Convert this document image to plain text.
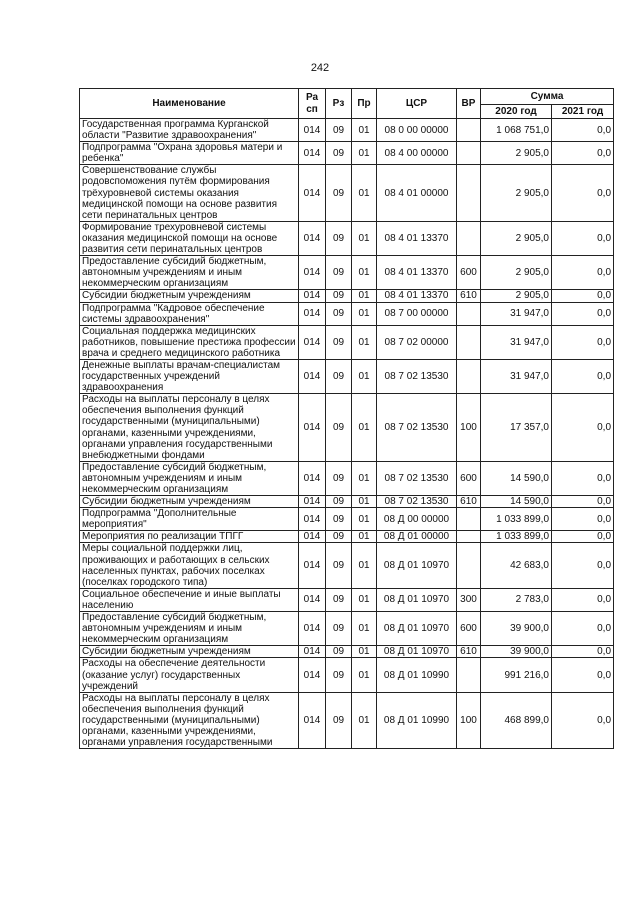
242
Наименование	Ра сп	Рз	Пр	ЦСР	ВР	Сумма	
						2020 год	2021 год
Государственная программа Курганской области "Развитие здравоохранения"	014	09	01	08 0 00 00000		1 068 751,0	0,0
Подпрограмма "Охрана здоровья матери и ребенка"	014	09	01	08 4 00 00000		2 905,0	0,0
Совершенствование службы родовспоможения путём формирования трёхуровневой системы оказания медицинской помощи на основе развития сети перинатальных центров	014	09	01	08 4 01 00000		2 905,0	0,0
Формирование трехуровневой системы оказания медицинской помощи на основе развития сети перинатальных центров	014	09	01	08 4 01 13370		2 905,0	0,0
Предоставление субсидий бюджетным, автономным учреждениям и иным некоммерческим организациям	014	09	01	08 4 01 13370	600	2 905,0	0,0
Субсидии бюджетным учреждениям	014	09	01	08 4 01 13370	610	2 905,0	0,0
Подпрограмма "Кадровое обеспечение системы здравоохранения"	014	09	01	08 7 00 00000		31 947,0	0,0
Социальная поддержка медицинских работников, повышение престижа профессии врача и среднего медицинского работника	014	09	01	08 7 02 00000		31 947,0	0,0
Денежные выплаты врачам-специалистам государственных учреждений здравоохранения	014	09	01	08 7 02 13530		31 947,0	0,0
Расходы на выплаты персоналу в целях обеспечения выполнения функций государственными (муниципальными) органами, казенными учреждениями, органами управления государственными внебюджетными фондами	014	09	01	08 7 02 13530	100	17 357,0	0,0
Предоставление субсидий бюджетным, автономным учреждениям и иным некоммерческим организациям	014	09	01	08 7 02 13530	600	14 590,0	0,0
Субсидии бюджетным учреждениям	014	09	01	08 7 02 13530	610	14 590,0	0,0
Подпрограмма "Дополнительные мероприятия"	014	09	01	08 Д 00 00000		1 033 899,0	0,0
Мероприятия по реализации ТПГГ	014	09	01	08 Д 01 00000		1 033 899,0	0,0
Меры социальной поддержки лиц, проживающих и работающих в сельских населенных пунктах, рабочих поселках (поселках городского типа)	014	09	01	08 Д 01 10970		42 683,0	0,0
Социальное обеспечение и иные выплаты населению	014	09	01	08 Д 01 10970	300	2 783,0	0,0
Предоставление субсидий бюджетным, автономным учреждениям и иным некоммерческим организациям	014	09	01	08 Д 01 10970	600	39 900,0	0,0
Субсидии бюджетным учреждениям	014	09	01	08 Д 01 10970	610	39 900,0	0,0
Расходы на обеспечение деятельности (оказание услуг) государственных учреждений	014	09	01	08 Д 01 10990		991 216,0	0,0
Расходы на выплаты персоналу в целях обеспечения выполнения функций государственными (муниципальными) органами, казенными учреждениями, органами управления государственными	014	09	01	08 Д 01 10990	100	468 899,0	0,0
